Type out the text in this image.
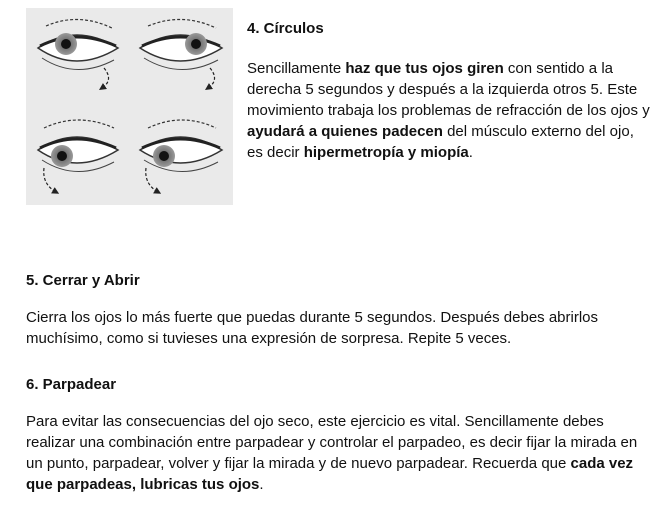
4. Círculos

Sencillamente haz que tus ojos giren con sentido a la derecha 5 segundos y después a la izquierda otros 5. Este movimiento trabaja los problemas de refracción de los ojos y ayudará a quienes padecen del músculo externo del ojo, es decir hipermetropía y miopía.

5. Cerrar y Abrir

Cierra los ojos lo más fuerte que puedas durante 5 segundos. Después debes abrirlos muchísimo, como si tuvieses una expresión de sorpresa. Repite 5 veces.

6. Parpadear

Para evitar las consecuencias del ojo seco, este ejercicio es vital. Sencillamente debes realizar una combinación entre parpadear y controlar el parpadeo, es decir fijar la mirada en un punto, parpadear, volver y fijar la mirada y de nuevo parpadear. Recuerda que cada vez que parpadeas, lubricas tus ojos.
